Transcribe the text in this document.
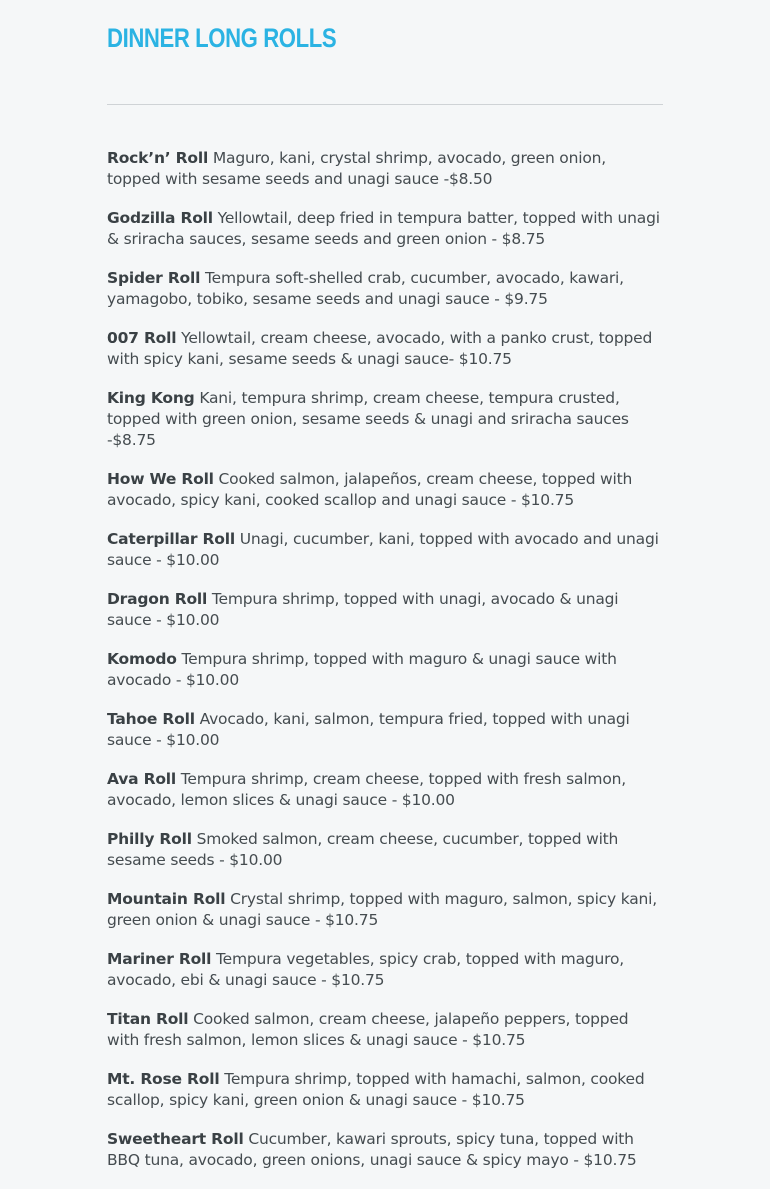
DINNER LONG ROLLS

Rock’n’ Roll Maguro, kani, crystal shrimp, avocado, green onion, topped with sesame seeds and unagi sauce -$8.50

Godzilla Roll Yellowtail, deep fried in tempura batter, topped with unagi & sriracha sauces, sesame seeds and green onion - $8.75

Spider Roll Tempura soft-shelled crab, cucumber, avocado, kawari, yamagobo, tobiko, sesame seeds and unagi sauce - $9.75

007 Roll Yellowtail, cream cheese, avocado, with a panko crust, topped with spicy kani, sesame seeds & unagi sauce- $10.75

King Kong Kani, tempura shrimp, cream cheese, tempura crusted, topped with green onion, sesame seeds & unagi and sriracha sauces -$8.75

How We Roll Cooked salmon, jalapeños, cream cheese, topped with avocado, spicy kani, cooked scallop and unagi sauce - $10.75

Caterpillar Roll Unagi, cucumber, kani, topped with avocado and unagi sauce - $10.00

Dragon Roll Tempura shrimp, topped with unagi, avocado & unagi sauce - $10.00

Komodo Tempura shrimp, topped with maguro & unagi sauce with avocado - $10.00

Tahoe Roll Avocado, kani, salmon, tempura fried, topped with unagi sauce - $10.00

Ava Roll Tempura shrimp, cream cheese, topped with fresh salmon, avocado, lemon slices & unagi sauce - $10.00

Philly Roll Smoked salmon, cream cheese, cucumber, topped with sesame seeds - $10.00

Mountain Roll Crystal shrimp, topped with maguro, salmon, spicy kani, green onion & unagi sauce - $10.75

Mariner Roll Tempura vegetables, spicy crab, topped with maguro, avocado, ebi & unagi sauce - $10.75

Titan Roll Cooked salmon, cream cheese, jalapeño peppers, topped with fresh salmon, lemon slices & unagi sauce - $10.75

Mt. Rose Roll Tempura shrimp, topped with hamachi, salmon, cooked scallop, spicy kani, green onion & unagi sauce - $10.75

Sweetheart Roll Cucumber, kawari sprouts, spicy tuna, topped with BBQ tuna, avocado, green onions, unagi sauce & spicy mayo - $10.75
